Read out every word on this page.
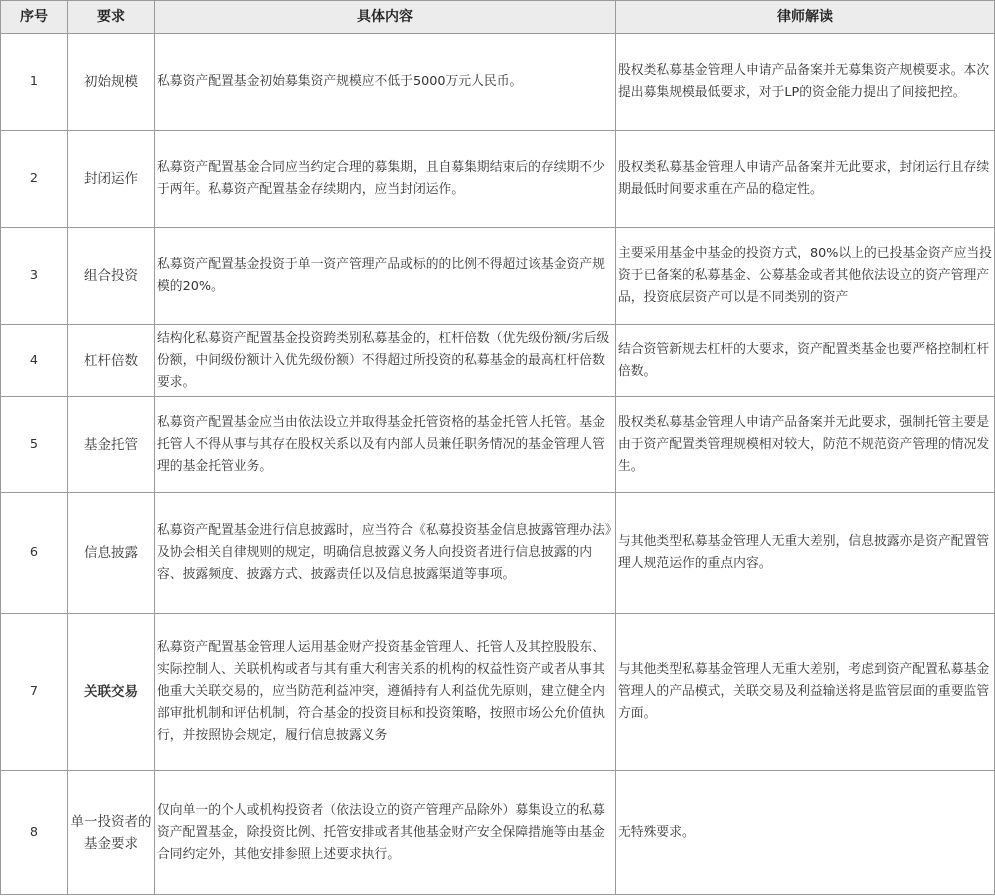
序号	要求	具体内容	律师解读
1	初始规模	私募资产配置基金初始募集资产规模应不低于5000万元人民币。	股权类私募基金管理人申请产品备案并无募集资产规模要求。本次提出募集规模最低要求，对于LP的资金能力提出了间接把控。
2	封闭运作	私募资产配置基金合同应当约定合理的募集期，且自募集期结束后的存续期不少于两年。私募资产配置基金存续期内，应当封闭运作。	股权类私募基金管理人申请产品备案并无此要求，封闭运行且存续期最低时间要求重在产品的稳定性。
3	组合投资	私募资产配置基金投资于单一资产管理产品或标的的比例不得超过该基金资产规模的20%。	主要采用基金中基金的投资方式，80%以上的已投基金资产应当投资于已备案的私募基金、公募基金或者其他依法设立的资产管理产品，投资底层资产可以是不同类别的资产
4	杠杆倍数	结构化私募资产配置基金投资跨类别私募基金的，杠杆倍数（优先级份额/劣后级份额，中间级份额计入优先级份额）不得超过所投资的私募基金的最高杠杆倍数要求。	结合资管新规去杠杆的大要求，资产配置类基金也要严格控制杠杆倍数。
5	基金托管	私募资产配置基金应当由依法设立并取得基金托管资格的基金托管人托管。基金托管人不得从事与其存在股权关系以及有内部人员兼任职务情况的基金管理人管理的基金托管业务。	股权类私募基金管理人申请产品备案并无此要求，强制托管主要是由于资产配置类管理规模相对较大，防范不规范资产管理的情况发生。
6	信息披露	私募资产配置基金进行信息披露时，应当符合《私募投资基金信息披露管理办法》及协会相关自律规则的规定，明确信息披露义务人向投资者进行信息披露的内容、披露频度、披露方式、披露责任以及信息披露渠道等事项。	与其他类型私募基金管理人无重大差别，信息披露亦是资产配置管理人规范运作的重点内容。
7	关联交易	私募资产配置基金管理人运用基金财产投资基金管理人、托管人及其控股股东、实际控制人、关联机构或者与其有重大利害关系的机构的权益性资产或者从事其他重大关联交易的，应当防范利益冲突，遵循持有人利益优先原则，建立健全内部审批机制和评估机制，符合基金的投资目标和投资策略，按照市场公允价值执行，并按照协会规定，履行信息披露义务	与其他类型私募基金管理人无重大差别，考虑到资产配置私募基金管理人的产品模式，关联交易及利益输送将是监管层面的重要监管方面。
8	单一投资者的基金要求	仅向单一的个人或机构投资者（依法设立的资产管理产品除外）募集设立的私募资产配置基金，除投资比例、托管安排或者其他基金财产安全保障措施等由基金合同约定外，其他安排参照上述要求执行。	无特殊要求。
